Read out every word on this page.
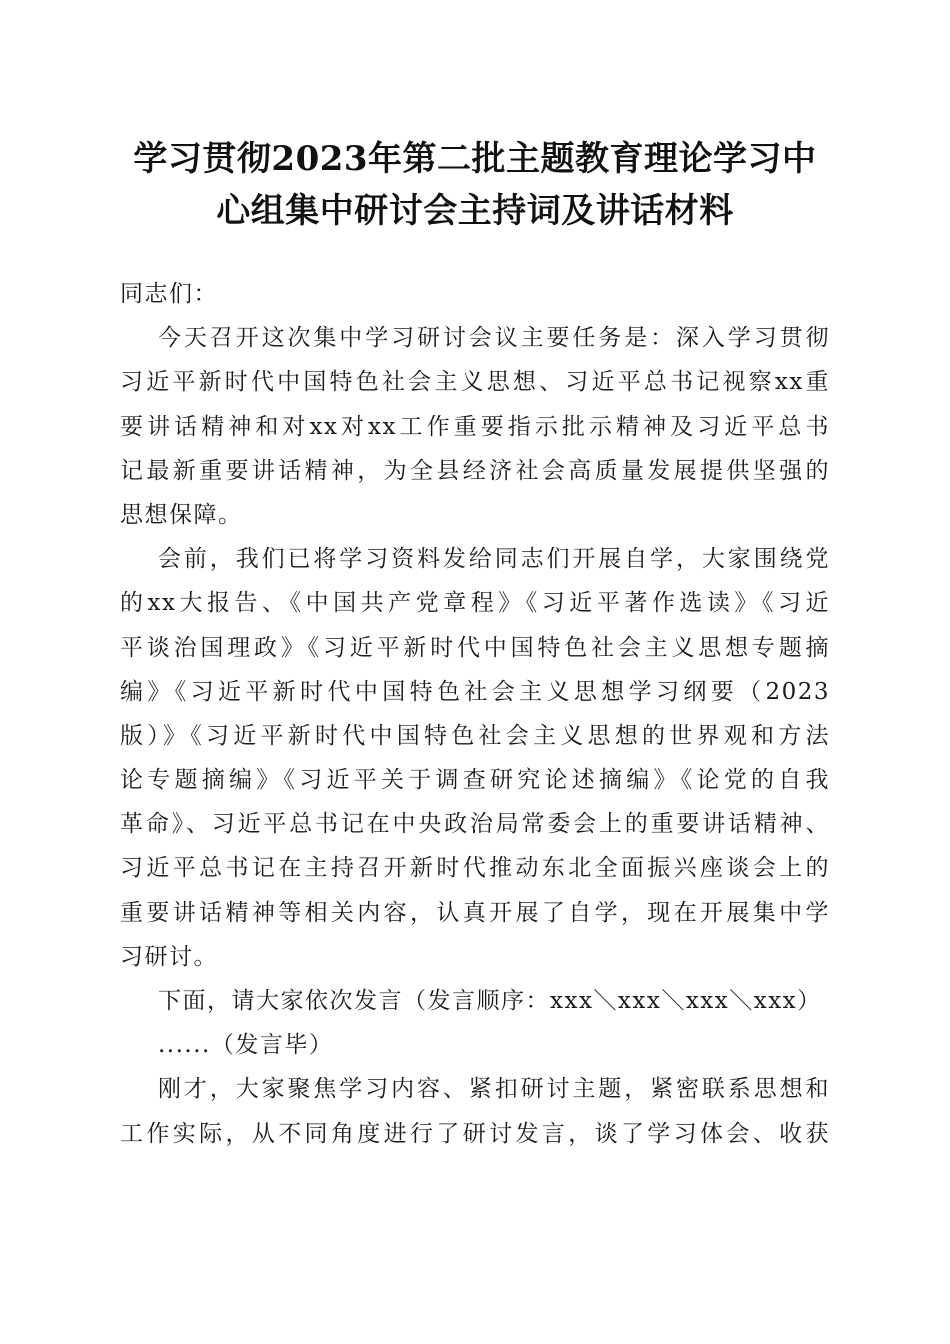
学习贯彻2023年第二批主题教育理论学习中
心组集中研讨会主持词及讲话材料
同志们：
今天召开这次集中学习研讨会议主要任务是：深入学习贯彻
习近平新时代中国特色社会主义思想、习近平总书记视察xx重
要讲话精神和对xx对xx工作重要指示批示精神及习近平总书
记最新重要讲话精神，为全县经济社会高质量发展提供坚强的
思想保障。
会前，我们已将学习资料发给同志们开展自学，大家围绕党
的xx大报告、《中国共产党章程》《习近平著作选读》《习近
平谈治国理政》《习近平新时代中国特色社会主义思想专题摘
编》《习近平新时代中国特色社会主义思想学习纲要（2023
版）》《习近平新时代中国特色社会主义思想的世界观和方法
论专题摘编》《习近平关于调查研究论述摘编》《论党的自我
革命》、习近平总书记在中央政治局常委会上的重要讲话精神、
习近平总书记在主持召开新时代推动东北全面振兴座谈会上的
重要讲话精神等相关内容，认真开展了自学，现在开展集中学
习研讨。
下面，请大家依次发言（发言顺序：xxx＼xxx＼xxx＼xxx）
......（发言毕）
刚才，大家聚焦学习内容、紧扣研讨主题，紧密联系思想和
工作实际，从不同角度进行了研讨发言，谈了学习体会、收获
